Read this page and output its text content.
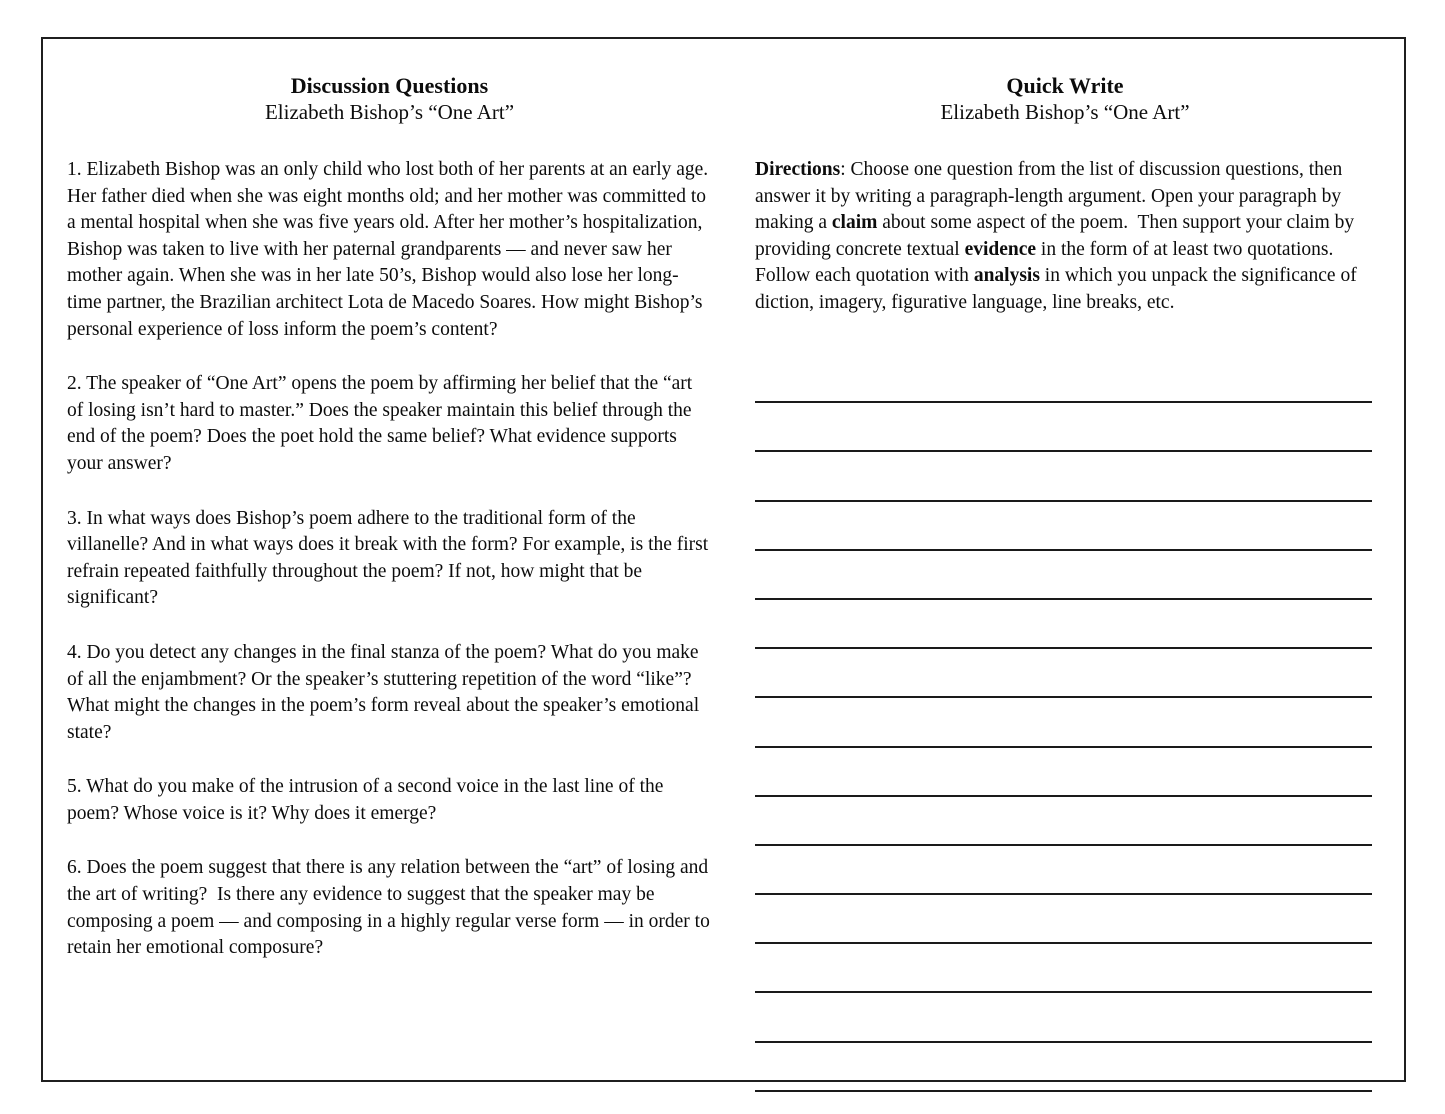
Discussion Questions
Elizabeth Bishop’s “One Art”

1. Elizabeth Bishop was an only child who lost both of her parents at an early age. Her father died when she was eight months old; and her mother was committed to a mental hospital when she was five years old. After her mother’s hospitalization, Bishop was taken to live with her paternal grandparents — and never saw her mother again. When she was in her late 50’s, Bishop would also lose her long-time partner, the Brazilian architect Lota de Macedo Soares. How might Bishop’s personal experience of loss inform the poem’s content?

2. The speaker of “One Art” opens the poem by affirming her belief that the “art of losing isn’t hard to master.” Does the speaker maintain this belief through the end of the poem? Does the poet hold the same belief? What evidence supports your answer?

3. In what ways does Bishop’s poem adhere to the traditional form of the villanelle? And in what ways does it break with the form? For example, is the first refrain repeated faithfully throughout the poem? If not, how might that be significant?

4. Do you detect any changes in the final stanza of the poem? What do you make of all the enjambment? Or the speaker’s stuttering repetition of the word “like”? What might the changes in the poem’s form reveal about the speaker’s emotional state?

5. What do you make of the intrusion of a second voice in the last line of the poem? Whose voice is it? Why does it emerge?

6. Does the poem suggest that there is any relation between the “art” of losing and the art of writing?  Is there any evidence to suggest that the speaker may be composing a poem — and composing in a highly regular verse form — in order to retain her emotional composure?

Quick Write
Elizabeth Bishop’s “One Art”

Directions: Choose one question from the list of discussion questions, then answer it by writing a paragraph-length argument. Open your paragraph by making a claim about some aspect of the poem.  Then support your claim by providing concrete textual evidence in the form of at least two quotations.  Follow each quotation with analysis in which you unpack the significance of diction, imagery, figurative language, line breaks, etc.
